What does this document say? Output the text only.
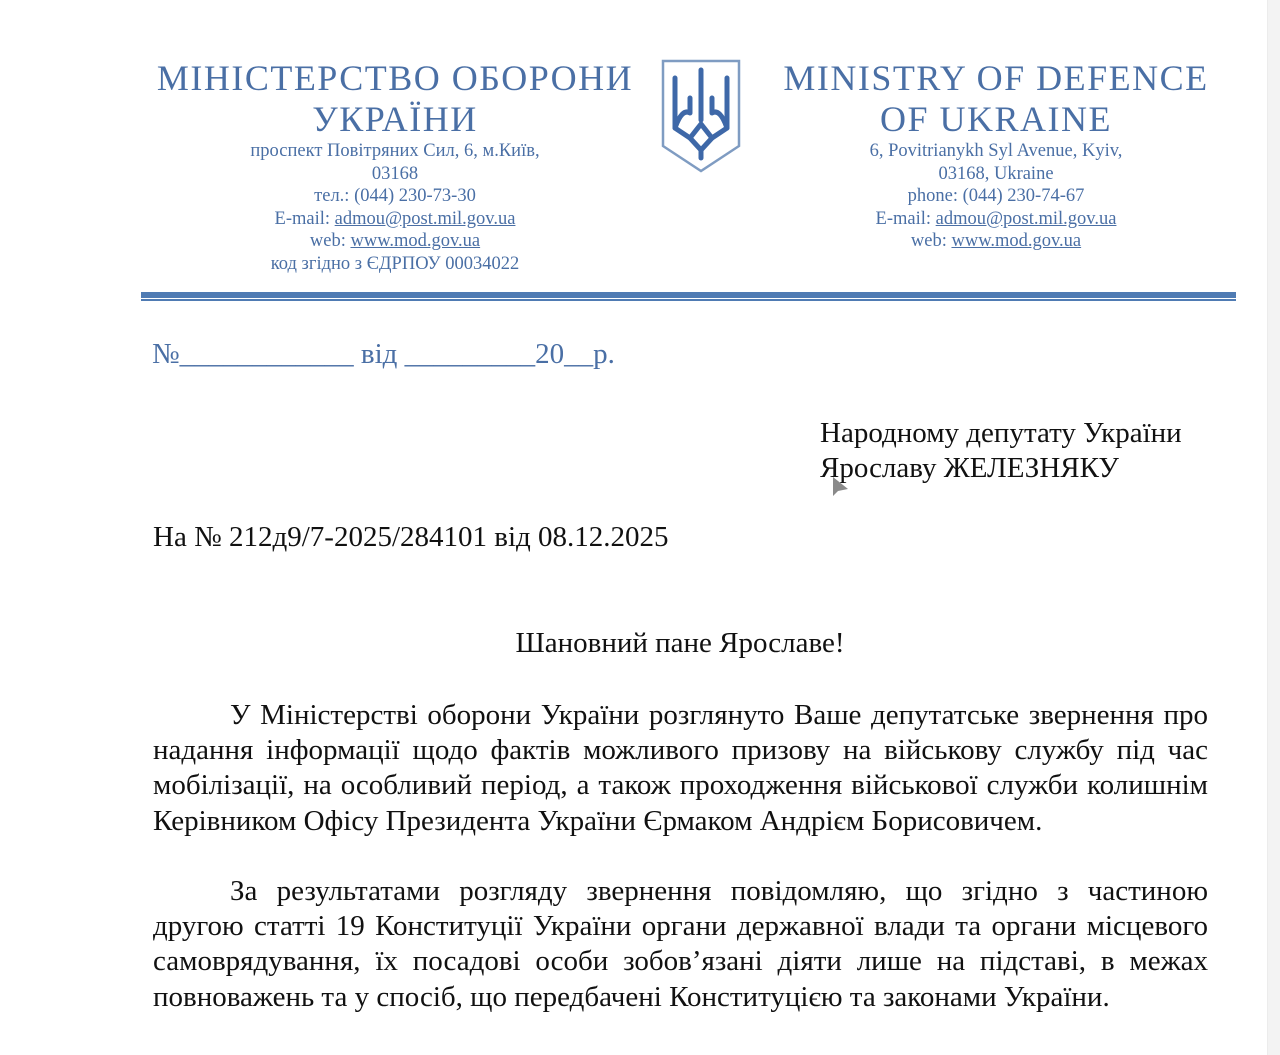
МІНІСТЕРСТВО ОБОРОНИ
УКРАЇНИ
проспект Повітряних Сил, 6, м.Київ,
03168
тел.: (044) 230-73-30
E-mail: admou@post.mil.gov.ua
web: www.mod.gov.ua
код згідно з ЄДРПОУ 00034022
MINISTRY OF DEFENCE
OF UKRAINE
6, Povitrianykh Syl Avenue, Kyiv,
03168, Ukraine
phone: (044) 230-74-67
E-mail: admou@post.mil.gov.ua
web: www.mod.gov.ua
№____________ від _________20__р.
Народному депутату України
Ярославу ЖЕЛЕЗНЯКУ
На № 212д9/7-2025/284101 від 08.12.2025
Шановний пане Ярославе!
У Міністерстві оборони України розглянуто Ваше депутатське звернення про надання інформації щодо фактів можливого призову на військову службу під час мобілізації, на особливий період, а також проходження військової служби колишнім Керівником Офісу Президента України Єрмаком Андрієм Борисовичем.
За результатами розгляду звернення повідомляю, що згідно з частиною другою статті 19 Конституції України органи державної влади та органи місцевого самоврядування, їх посадові особи зобов’язані діяти лише на підставі, в межах повноважень та у спосіб, що передбачені Конституцією та законами України.
